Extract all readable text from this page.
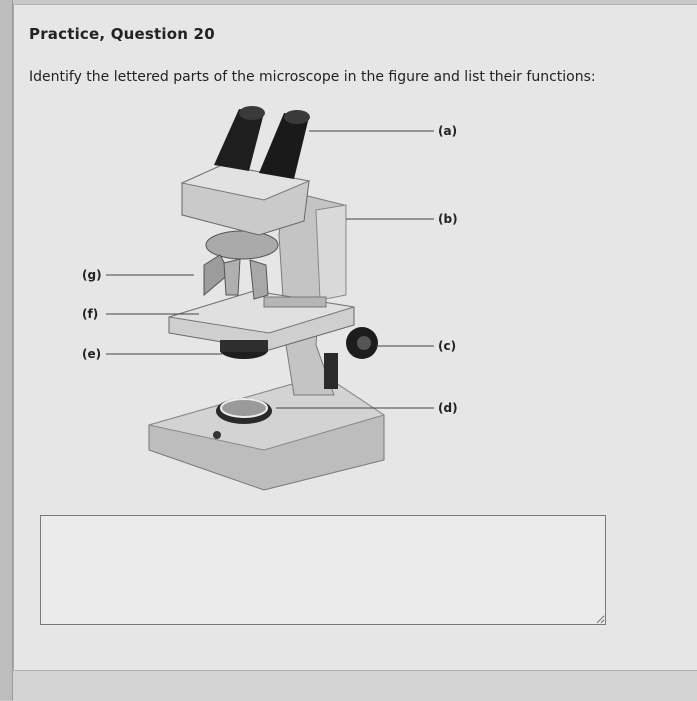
Practice, Question 20
Identify the lettered parts of the microscope in the figure and list their functions:
(a)
(b)
(c)
(d)
(g)
(f)
(e)
